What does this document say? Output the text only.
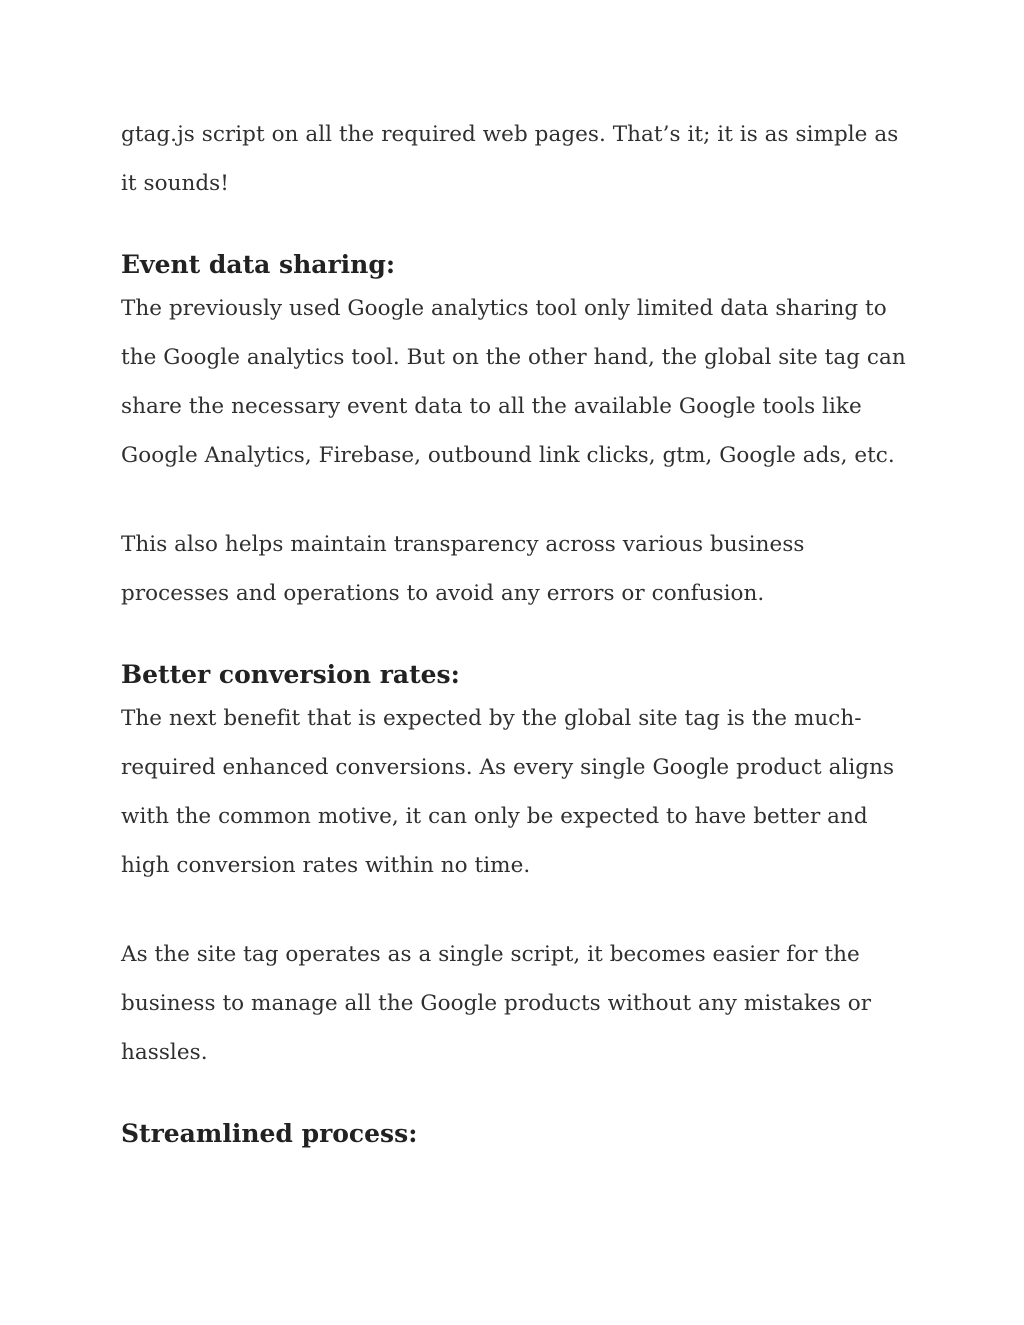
gtag.js script on all the required web pages. That’s it; it is as simple as it sounds!

Event data sharing:

The previously used Google analytics tool only limited data sharing to the Google analytics tool. But on the other hand, the global site tag can share the necessary event data to all the available Google tools like Google Analytics, Firebase, outbound link clicks, gtm, Google ads, etc.

This also helps maintain transparency across various business processes and operations to avoid any errors or confusion.

Better conversion rates:

The next benefit that is expected by the global site tag is the much-required enhanced conversions. As every single Google product aligns with the common motive, it can only be expected to have better and high conversion rates within no time.

As the site tag operates as a single script, it becomes easier for the business to manage all the Google products without any mistakes or hassles.

Streamlined process:
